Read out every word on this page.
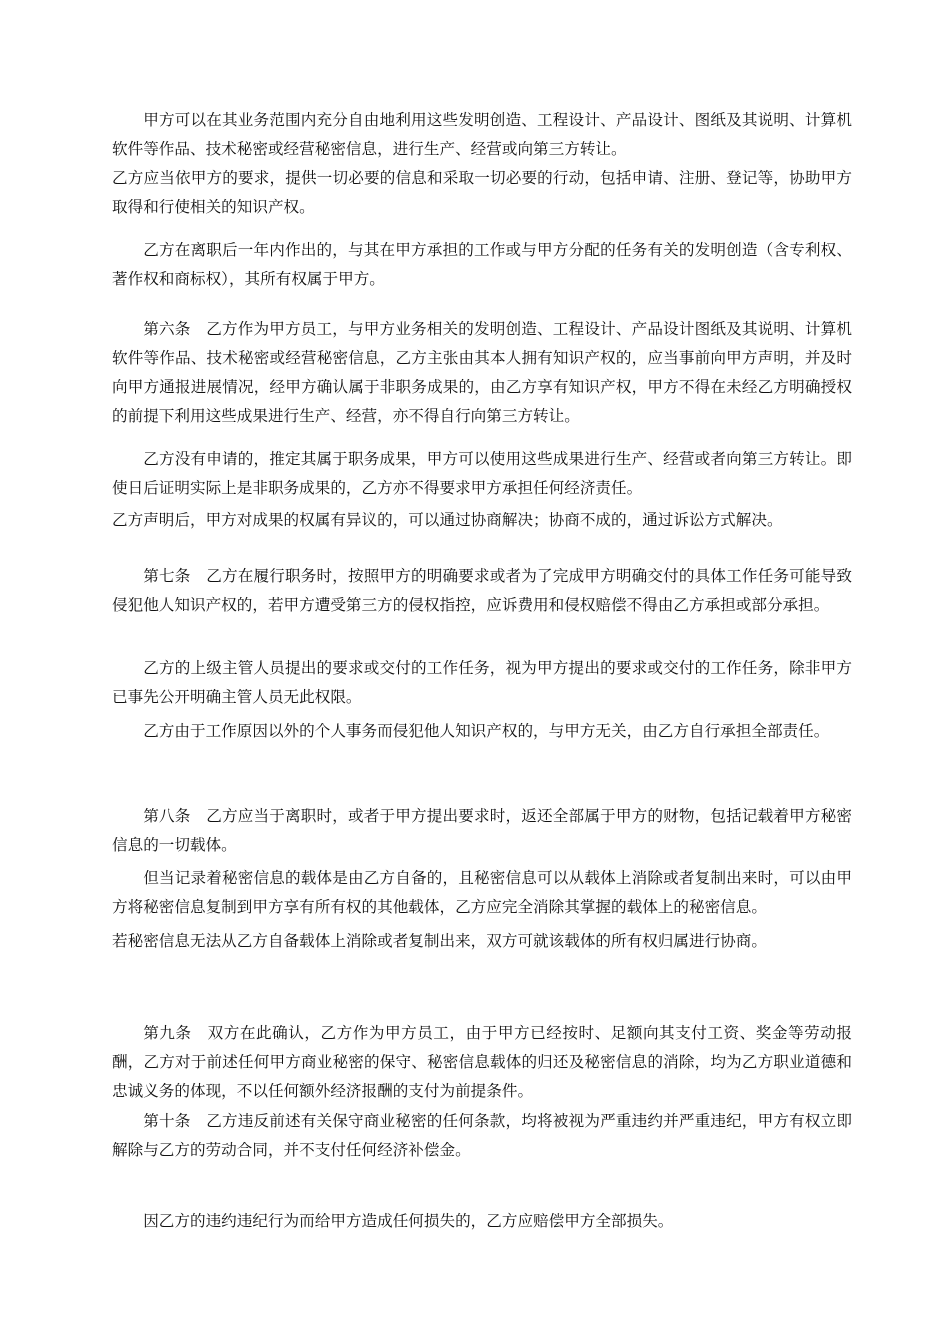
甲方可以在其业务范围内充分自由地利用这些发明创造、工程设计、产品设计、图纸及其说明、计算机软件等作品、技术秘密或经营秘密信息，进行生产、经营或向第三方转让。

乙方应当依甲方的要求，提供一切必要的信息和采取一切必要的行动，包括申请、注册、登记等，协助甲方取得和行使相关的知识产权。

乙方在离职后一年内作出的，与其在甲方承担的工作或与甲方分配的任务有关的发明创造（含专利权、著作权和商标权），其所有权属于甲方。

第六条　乙方作为甲方员工，与甲方业务相关的发明创造、工程设计、产品设计图纸及其说明、计算机软件等作品、技术秘密或经营秘密信息，乙方主张由其本人拥有知识产权的，应当事前向甲方声明，并及时向甲方通报进展情况，经甲方确认属于非职务成果的，由乙方享有知识产权，甲方不得在未经乙方明确授权的前提下利用这些成果进行生产、经营，亦不得自行向第三方转让。

乙方没有申请的，推定其属于职务成果，甲方可以使用这些成果进行生产、经营或者向第三方转让。即使日后证明实际上是非职务成果的，乙方亦不得要求甲方承担任何经济责任。

乙方声明后，甲方对成果的权属有异议的，可以通过协商解决；协商不成的，通过诉讼方式解决。

第七条　乙方在履行职务时，按照甲方的明确要求或者为了完成甲方明确交付的具体工作任务可能导致侵犯他人知识产权的，若甲方遭受第三方的侵权指控，应诉费用和侵权赔偿不得由乙方承担或部分承担。

乙方的上级主管人员提出的要求或交付的工作任务，视为甲方提出的要求或交付的工作任务，除非甲方已事先公开明确主管人员无此权限。

乙方由于工作原因以外的个人事务而侵犯他人知识产权的，与甲方无关，由乙方自行承担全部责任。

第八条　乙方应当于离职时，或者于甲方提出要求时，返还全部属于甲方的财物，包括记载着甲方秘密信息的一切载体。

但当记录着秘密信息的载体是由乙方自备的，且秘密信息可以从载体上消除或者复制出来时，可以由甲方将秘密信息复制到甲方享有所有权的其他载体，乙方应完全消除其掌握的载体上的秘密信息。

若秘密信息无法从乙方自备载体上消除或者复制出来，双方可就该载体的所有权归属进行协商。

第九条　双方在此确认，乙方作为甲方员工，由于甲方已经按时、足额向其支付工资、奖金等劳动报酬，乙方对于前述任何甲方商业秘密的保守、秘密信息载体的归还及秘密信息的消除，均为乙方职业道德和忠诚义务的体现，不以任何额外经济报酬的支付为前提条件。

第十条　乙方违反前述有关保守商业秘密的任何条款，均将被视为严重违约并严重违纪，甲方有权立即解除与乙方的劳动合同，并不支付任何经济补偿金。

因乙方的违约违纪行为而给甲方造成任何损失的，乙方应赔偿甲方全部损失。
